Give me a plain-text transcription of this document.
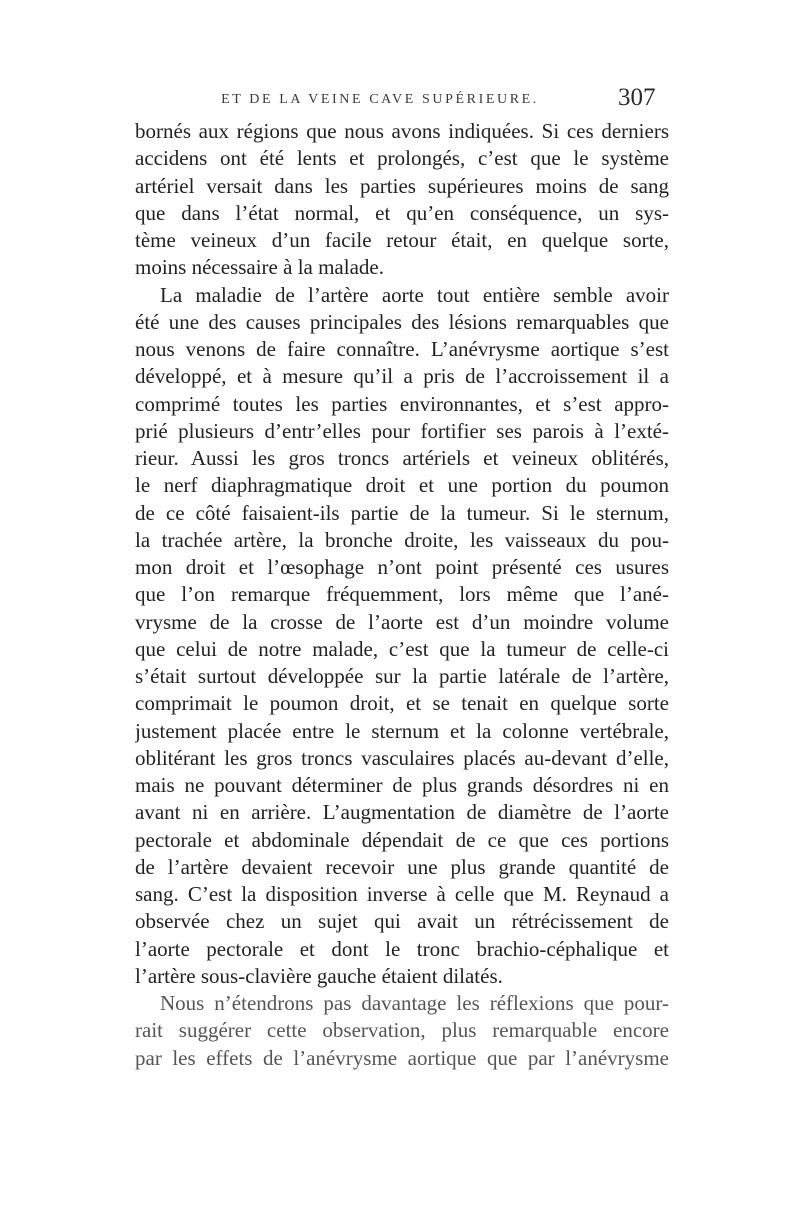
ET DE LA VEINE CAVE SUPÉRIEURE.	307
bornés aux régions que nous avons indiquées. Si ces derniers
accidens ont été lents et prolongés, c’est que le système
artériel versait dans les parties supérieures moins de sang
que dans l’état normal, et qu’en conséquence, un sys-
tème veineux d’un facile retour était, en quelque sorte,
moins nécessaire à la malade.
La maladie de l’artère aorte tout entière semble avoir
été une des causes principales des lésions remarquables que
nous venons de faire connaître. L’anévrysme aortique s’est
développé, et à mesure qu’il a pris de l’accroissement il a
comprimé toutes les parties environnantes, et s’est appro-
prié plusieurs d’entr’elles pour fortifier ses parois à l’exté-
rieur. Aussi les gros troncs artériels et veineux oblitérés,
le nerf diaphragmatique droit et une portion du poumon
de ce côté faisaient-ils partie de la tumeur. Si le sternum,
la trachée artère, la bronche droite, les vaisseaux du pou-
mon droit et l’œsophage n’ont point présenté ces usures
que l’on remarque fréquemment, lors même que l’ané-
vrysme de la crosse de l’aorte est d’un moindre volume
que celui de notre malade, c’est que la tumeur de celle-ci
s’était surtout développée sur la partie latérale de l’artère,
comprimait le poumon droit, et se tenait en quelque sorte
justement placée entre le sternum et la colonne vertébrale,
oblitérant les gros troncs vasculaires placés au-devant d’elle,
mais ne pouvant déterminer de plus grands désordres ni en
avant ni en arrière. L’augmentation de diamètre de l’aorte
pectorale et abdominale dépendait de ce que ces portions
de l’artère devaient recevoir une plus grande quantité de
sang. C’est la disposition inverse à celle que M. Reynaud a
observée chez un sujet qui avait un rétrécissement de
l’aorte pectorale et dont le tronc brachio-céphalique et
l’artère sous-clavière gauche étaient dilatés.
Nous n’étendrons pas davantage les réflexions que pour-
rait suggérer cette observation, plus remarquable encore
par les effets de l’anévrysme aortique que par l’anévrysme
